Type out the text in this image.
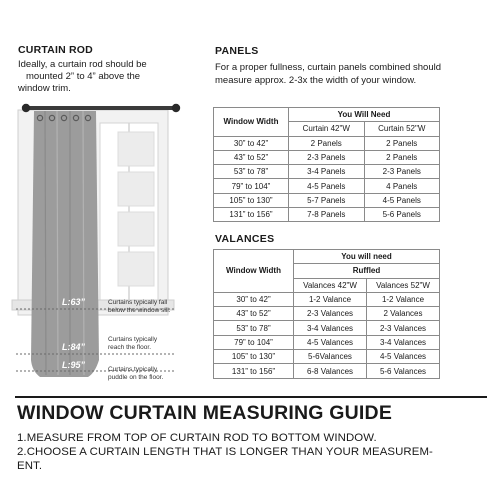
CURTAIN ROD
Ideally, a curtain rod should be
mounted 2” to 4” above the
window trim.
L:63”
L:84”
L:95”
Curtains typically fall
below the window sill.
Curtains typically
reach the floor.
Curtains typically
puddle on the floor.
PANELS
For a proper fullness, curtain panels combined should
measure approx. 2-3x the width of your window.
Window Width	You Will Need	
	Curtain 42"W	Curtain 52"W
30” to 42”	2 Panels	2 Panels
43” to 52”	2-3 Panels	2 Panels
53” to 78”	3-4 Panels	2-3 Panels
79” to 104”	4-5 Panels	4 Panels
105” to 130”	5-7 Panels	4-5 Panels
131” to 156”	7-8 Panels	5-6 Panels
VALANCES
Window Width	You will need	
	Ruffled	
	Valances 42"W	Valances 52"W
30” to 42”	1-2 Valance	1-2 Valance
43” to 52”	2-3 Valances	2 Valances
53” to 78”	3-4 Valances	2-3 Valances
79” to 104”	4-5 Valances	3-4 Valances
105” to 130”	5-6Valances	4-5 Valances
131” to 156”	6-8 Valances	5-6 Valances
WINDOW CURTAIN MEASURING GUIDE
1.MEASURE FROM TOP OF CURTAIN ROD TO BOTTOM WINDOW.
2.CHOOSE A CURTAIN LENGTH THAT IS LONGER THAN YOUR MEASUREM-
ENT.
